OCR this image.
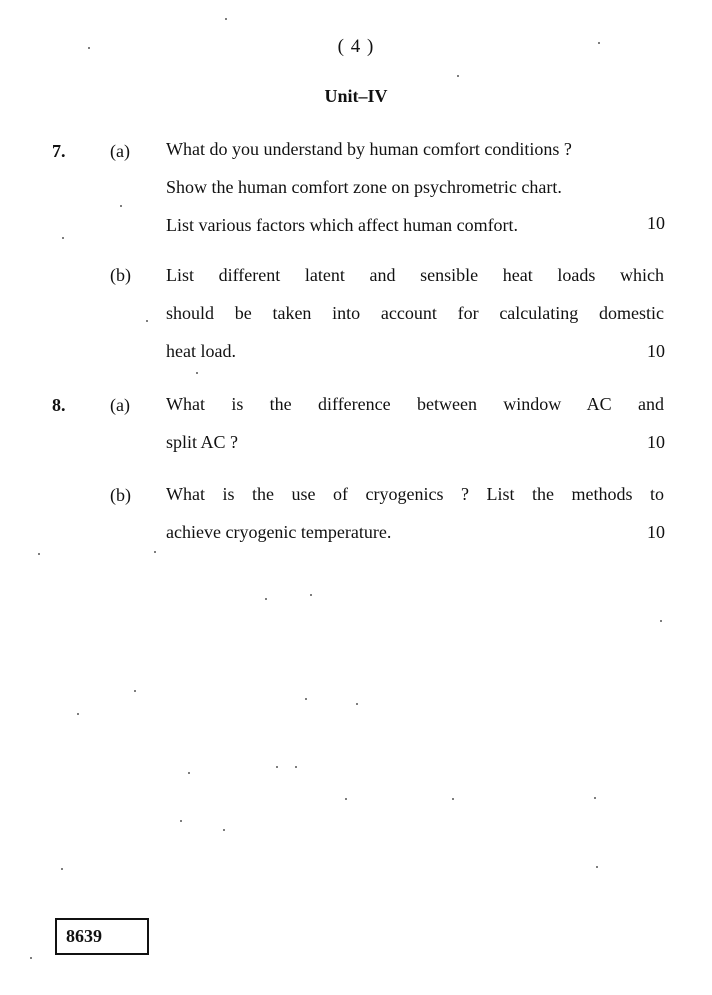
( 4 )
Unit–IV
7. (a) What do you understand by human comfort conditions ?
Show the human comfort zone on psychrometric chart.
List various factors which affect human comfort.	10
(b) List different latent and sensible heat loads which
should be taken into account for calculating domestic
heat load.	10
8. (a) What is the difference between window AC and
split AC ?	10
(b) What is the use of cryogenics ? List the methods to
achieve cryogenic temperature.	10
8639
